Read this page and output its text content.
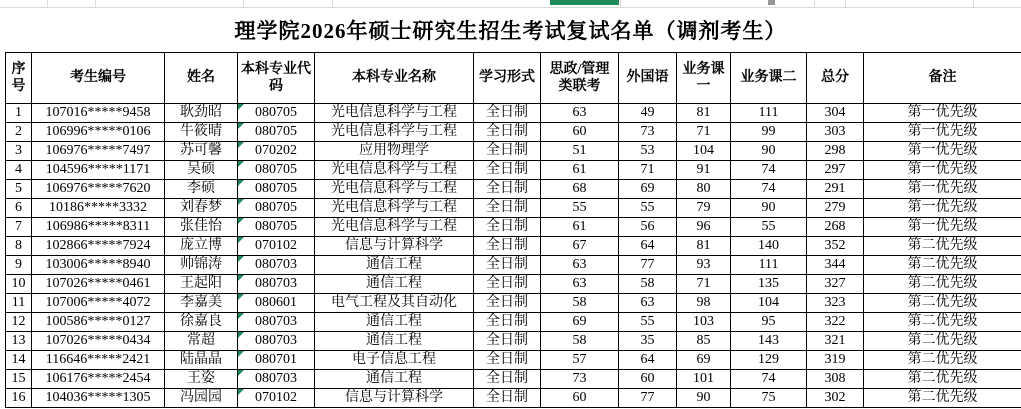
理学院2026年硕士研究生招生考试复试名单（调剂考生）
序号	考生编号	姓名	本科专业代码	本科专业名称	学习形式	思政/管理类联考	外国语	业务课一	业务课二	总分	备注
1	107016*****9458	耿劲昭	080705	光电信息科学与工程	全日制	63	49	81	111	304	第一优先级
2	106996*****0106	牛筱晴	080705	光电信息科学与工程	全日制	60	73	71	99	303	第一优先级
3	106976*****7497	苏可馨	070202	应用物理学	全日制	51	53	104	90	298	第一优先级
4	104596*****1171	吴硕	080705	光电信息科学与工程	全日制	61	71	91	74	297	第一优先级
5	106976*****7620	李硕	080705	光电信息科学与工程	全日制	68	69	80	74	291	第一优先级
6	10186*****3332	刘春梦	080705	光电信息科学与工程	全日制	55	55	79	90	279	第一优先级
7	106986*****8311	张佳怡	080705	光电信息科学与工程	全日制	61	56	96	55	268	第一优先级
8	102866*****7924	庞立博	070102	信息与计算科学	全日制	67	64	81	140	352	第二优先级
9	103006*****8940	帅锦涛	080703	通信工程	全日制	63	77	93	111	344	第二优先级
10	107026*****0461	王起阳	080703	通信工程	全日制	63	58	71	135	327	第二优先级
11	107006*****4072	李嘉美	080601	电气工程及其自动化	全日制	58	63	98	104	323	第二优先级
12	100586*****0127	徐嘉良	080703	通信工程	全日制	69	55	103	95	322	第二优先级
13	107026*****0434	常超	080703	通信工程	全日制	58	35	85	143	321	第二优先级
14	116646*****2421	陆晶晶	080701	电子信息工程	全日制	57	64	69	129	319	第二优先级
15	106176*****2454	王姿	080703	通信工程	全日制	73	60	101	74	308	第二优先级
16	104036*****1305	冯园园	070102	信息与计算科学	全日制	60	77	90	75	302	第二优先级
